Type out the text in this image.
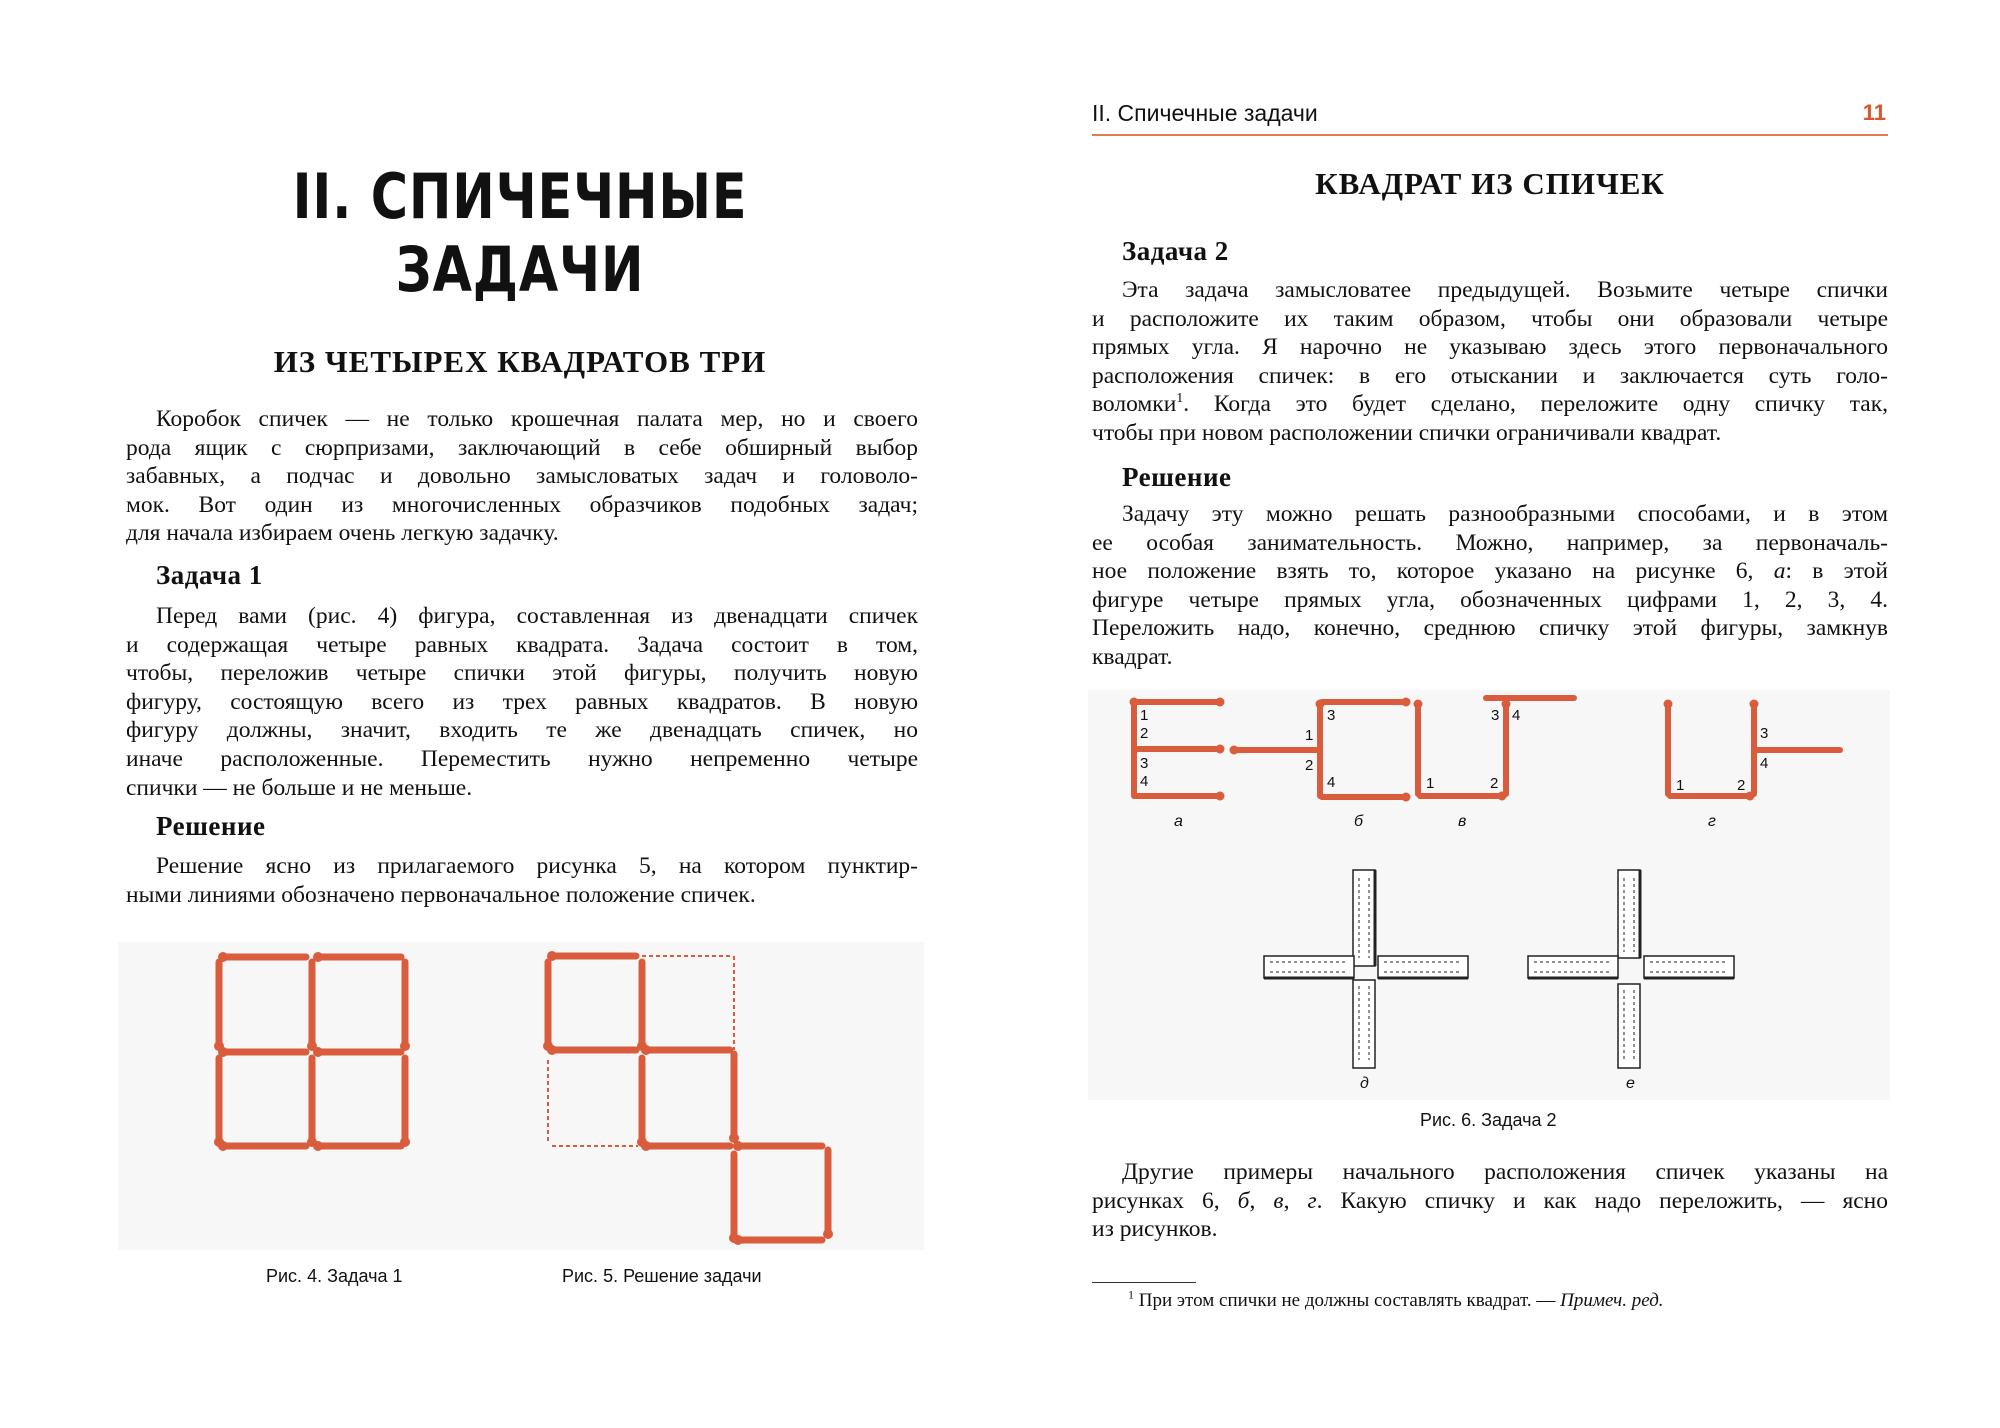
II. СПИЧЕЧНЫЕ ЗАДАЧИ
ИЗ ЧЕТЫРЕХ КВАДРАТОВ ТРИ
Коробок спичек — не только крошечная палата мер, но и своего
рода ящик с сюрпризами, заключающий в себе обширный выбор
забавных, а подчас и довольно замысловатых задач и головоло-
мок. Вот один из многочисленных образчиков подобных задач;
для начала избираем очень легкую задачку.
Задача 1
Перед вами (рис. 4) фигура, составленная из двенадцати спичек
и содержащая четыре равных квадрата. Задача состоит в том,
чтобы, переложив четыре спички этой фигуры, получить новую
фигуру, состоящую всего из трех равных квадратов. В новую
фигуру должны, значит, входить те же двенадцать спичек, но
иначе расположенные. Переместить нужно непременно четыре
спички — не больше и не меньше.
Решение
Решение ясно из прилагаемого рисунка 5, на котором пунктир-
ными линиями обозначено первоначальное положение спичек.
Рис. 4. Задача 1	Рис. 5. Решение задачи
II. Спичечные задачи	11
КВАДРАТ ИЗ СПИЧЕК
Задача 2
Эта задача замысловатее предыдущей. Возьмите четыре спички
и расположите их таким образом, чтобы они образовали четыре
прямых угла. Я нарочно не указываю здесь этого первоначального
расположения спичек: в его отыскании и заключается суть голо-
воломки$^1$. Когда это будет сделано, переложите одну спичку так,
чтобы при новом расположении спички ограничивали квадрат.
Решение
Задачу эту можно решать разнообразными способами, и в этом
ее особая занимательность. Можно, например, за первоначаль-
ное положение взять то, которое указано на рисунке 6, а: в этой
фигуре четыре прямых угла, обозначенных цифрами 1, 2, 3, 4.
Переложить надо, конечно, среднюю спичку этой фигуры, замкнув
квадрат.
1
2
3
4
1
2
3
4	1	2
3 4
1	2
3
4
а	б	в	г
д	е
Рис. 6. Задача 2
Другие примеры начального расположения спичек указаны на
рисунках 6, б, в, г. Какую спичку и как надо переложить, — ясно
из рисунков.
$^1$ При этом спички не должны составлять квадрат. — Примеч. ред.
